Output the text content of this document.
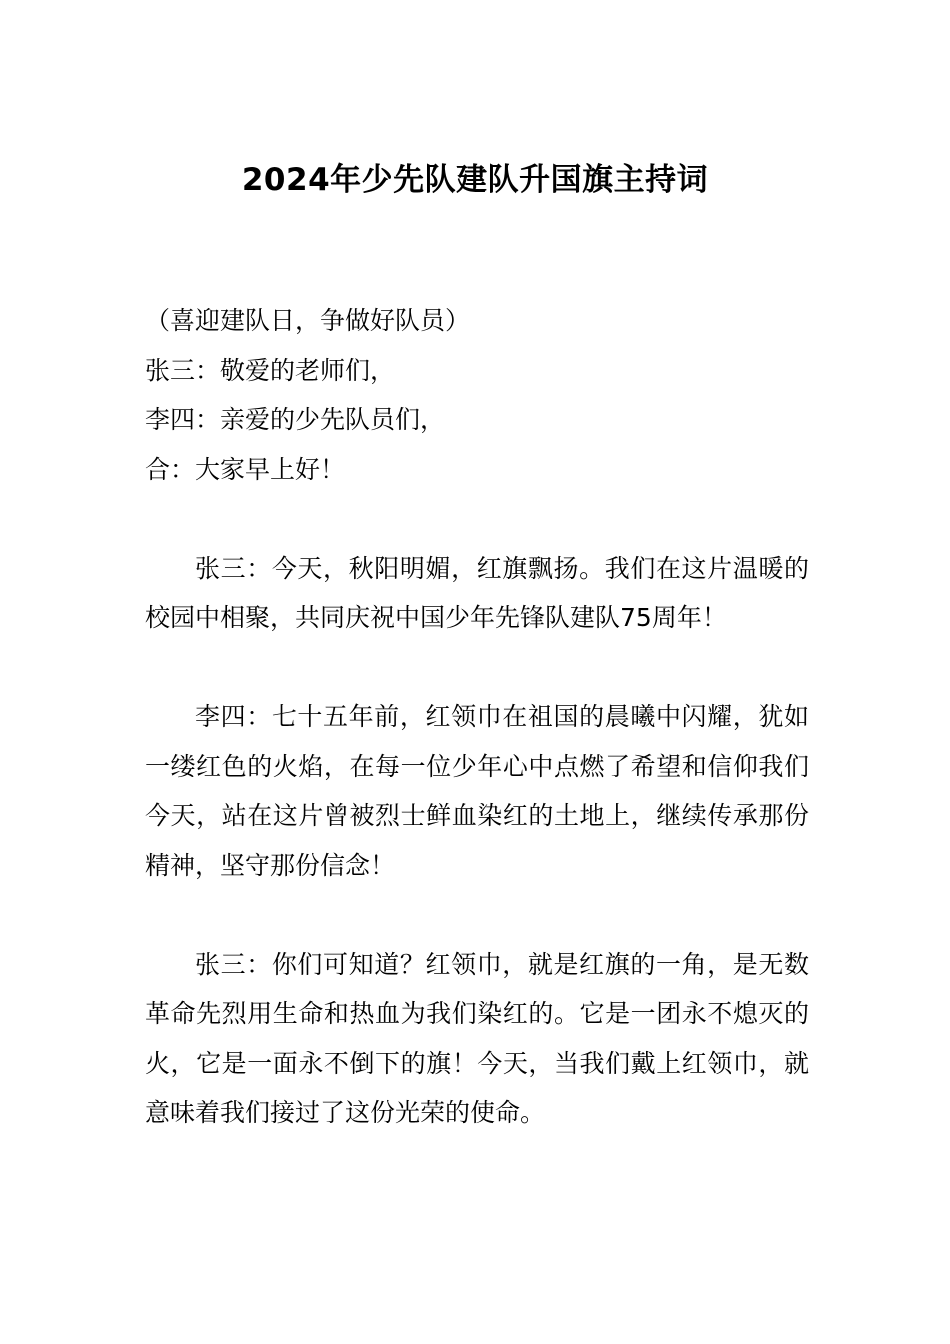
2024年少先队建队升国旗主持词

（喜迎建队日，争做好队员）

张三：敬爱的老师们，

李四：亲爱的少先队员们，

合：大家早上好！

张三：今天，秋阳明媚，红旗飘扬。我们在这片温暖的校园中相聚，共同庆祝中国少年先锋队建队75周年！

李四：七十五年前，红领巾在祖国的晨曦中闪耀，犹如一缕红色的火焰，在每一位少年心中点燃了希望和信仰我们今天，站在这片曾被烈士鲜血染红的土地上，继续传承那份精神，坚守那份信念！

张三：你们可知道？红领巾，就是红旗的一角，是无数革命先烈用生命和热血为我们染红的。它是一团永不熄灭的火，它是一面永不倒下的旗！今天，当我们戴上红领巾，就意味着我们接过了这份光荣的使命。
